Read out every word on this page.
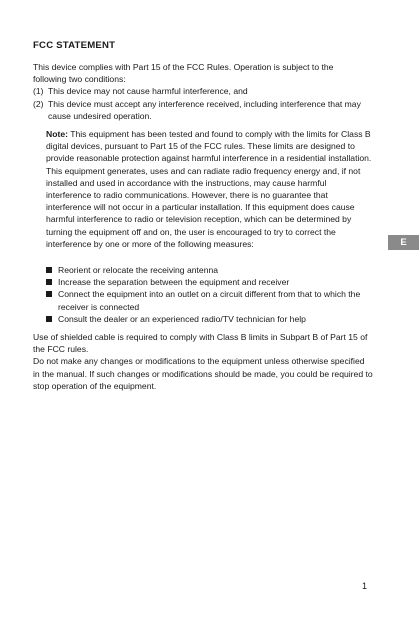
FCC STATEMENT

This device complies with Part 15 of the FCC Rules. Operation is subject to the

following two conditions:

(1) This device may not cause harmful interference, and
(2) This device must accept any interference received, including interference that may cause undesired operation.
Note: This equipment has been tested and found to comply with the limits for Class B digital devices, pursuant to Part 15 of the FCC rules. These limits are designed to provide reasonable protection against harmful interference in a residential installation. This equipment generates, uses and can radiate radio frequency energy and, if not installed and used in accordance with the instructions, may cause harmful interference to radio communications. However, there is no guarantee that interference will not occur in a particular installation. If this equipment does cause harmful interference to radio or television reception, which can be determined by turning the equipment off and on, the user is encouraged to try to correct the interference by one or more of the following measures:
Reorient or relocate the receiving antenna
Increase the separation between the equipment and receiver
Connect the equipment into an outlet on a circuit different from that to which the receiver is connected
Consult the dealer or an experienced radio/TV technician for help

Use of shielded cable is required to comply with Class B limits in Subpart B of Part 15 of the FCC rules.

Do not make any changes or modifications to the equipment unless otherwise specified in the manual. If such changes or modifications should be made, you could be required to stop operation of the equipment.

E
1
